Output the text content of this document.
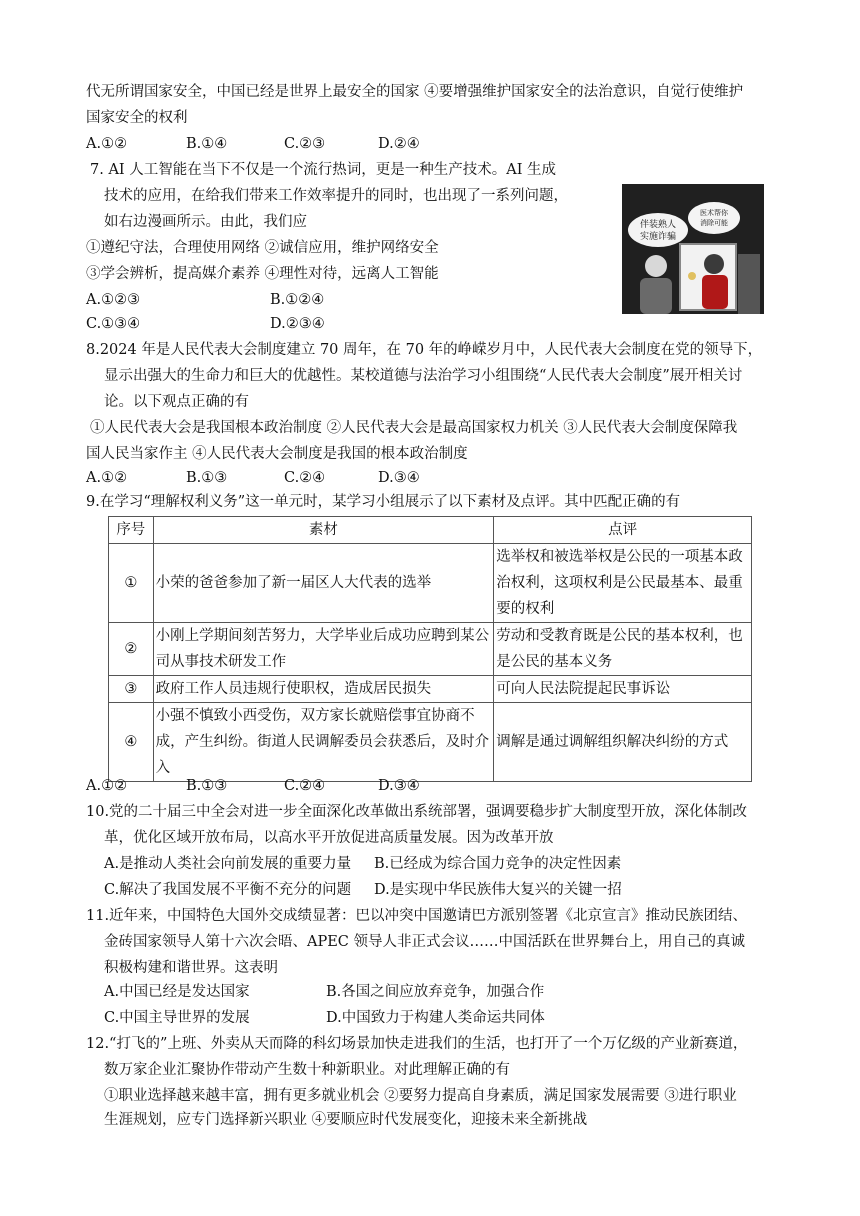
代无所谓国家安全，中国已经是世界上最安全的国家 ④要增强维护国家安全的法治意识，自觉行使维护
国家安全的权利
A.①②	B.①④	C.②③	D.②④
7. AI 人工智能在当下不仅是一个流行热词，更是一种生产技术。AI 生成
技术的应用，在给我们带来工作效率提升的同时，也出现了一系列问题，
如右边漫画所示。由此，我们应
①遵纪守法，合理使用网络 ②诚信应用，维护网络安全
③学会辨析，提高媒介素养 ④理性对待，远离人工智能
A.①②③	B.①②④
C.①③④	D.②③④
伴装熟人
实施诈骗
医术帮你
消除可能
8.2024 年是人民代表大会制度建立 70 周年，在 70 年的峥嵘岁月中，人民代表大会制度在党的领导下，
显示出强大的生命力和巨大的优越性。某校道德与法治学习小组围绕“人民代表大会制度”展开相关讨
论。以下观点正确的有
①人民代表大会是我国根本政治制度 ②人民代表大会是最高国家权力机关 ③人民代表大会制度保障我
国人民当家作主 ④人民代表大会制度是我国的根本政治制度
A.①②	B.①③	C.②④	D.③④
9.在学习“理解权利义务”这一单元时，某学习小组展示了以下素材及点评。其中匹配正确的有
序号	素材	点评
①	小荣的爸爸参加了新一届区人大代表的选举	选举权和被选举权是公民的一项基本政治权利，这项权利是公民最基本、最重要的权利
②	小刚上学期间刻苦努力，大学毕业后成功应聘到某公司从事技术研发工作	劳动和受教育既是公民的基本权利，也是公民的基本义务
③	政府工作人员违规行使职权，造成居民损失	可向人民法院提起民事诉讼
④	小强不慎致小西受伤，双方家长就赔偿事宜协商不成，产生纠纷。街道人民调解委员会获悉后，及时介入	调解是通过调解组织解决纠纷的方式
A.①②	B.①③	C.②④	D.③④
10.党的二十届三中全会对进一步全面深化改革做出系统部署，强调要稳步扩大制度型开放，深化体制改
革，优化区域开放布局，以高水平开放促进高质量发展。因为改革开放
A.是推动人类社会向前发展的重要力量 B.已经成为综合国力竞争的决定性因素
C.解决了我国发展不平衡不充分的问题 D.是实现中华民族伟大复兴的关键一招
11.近年来，中国特色大国外交成绩显著：巴以冲突中国邀请巴方派别签署《北京宣言》推动民族团结、
金砖国家领导人第十六次会晤、APEC 领导人非正式会议……中国活跃在世界舞台上，用自己的真诚
积极构建和谐世界。这表明
A.中国已经是发达国家	B.各国之间应放弃竞争，加强合作
C.中国主导世界的发展	D.中国致力于构建人类命运共同体
12.“打飞的”上班、外卖从天而降的科幻场景加快走进我们的生活，也打开了一个万亿级的产业新赛道，
数万家企业汇聚协作带动产生数十种新职业。对此理解正确的有
①职业选择越来越丰富，拥有更多就业机会 ②要努力提高自身素质，满足国家发展需要 ③进行职业
生涯规划，应专门选择新兴职业 ④要顺应时代发展变化，迎接未来全新挑战
